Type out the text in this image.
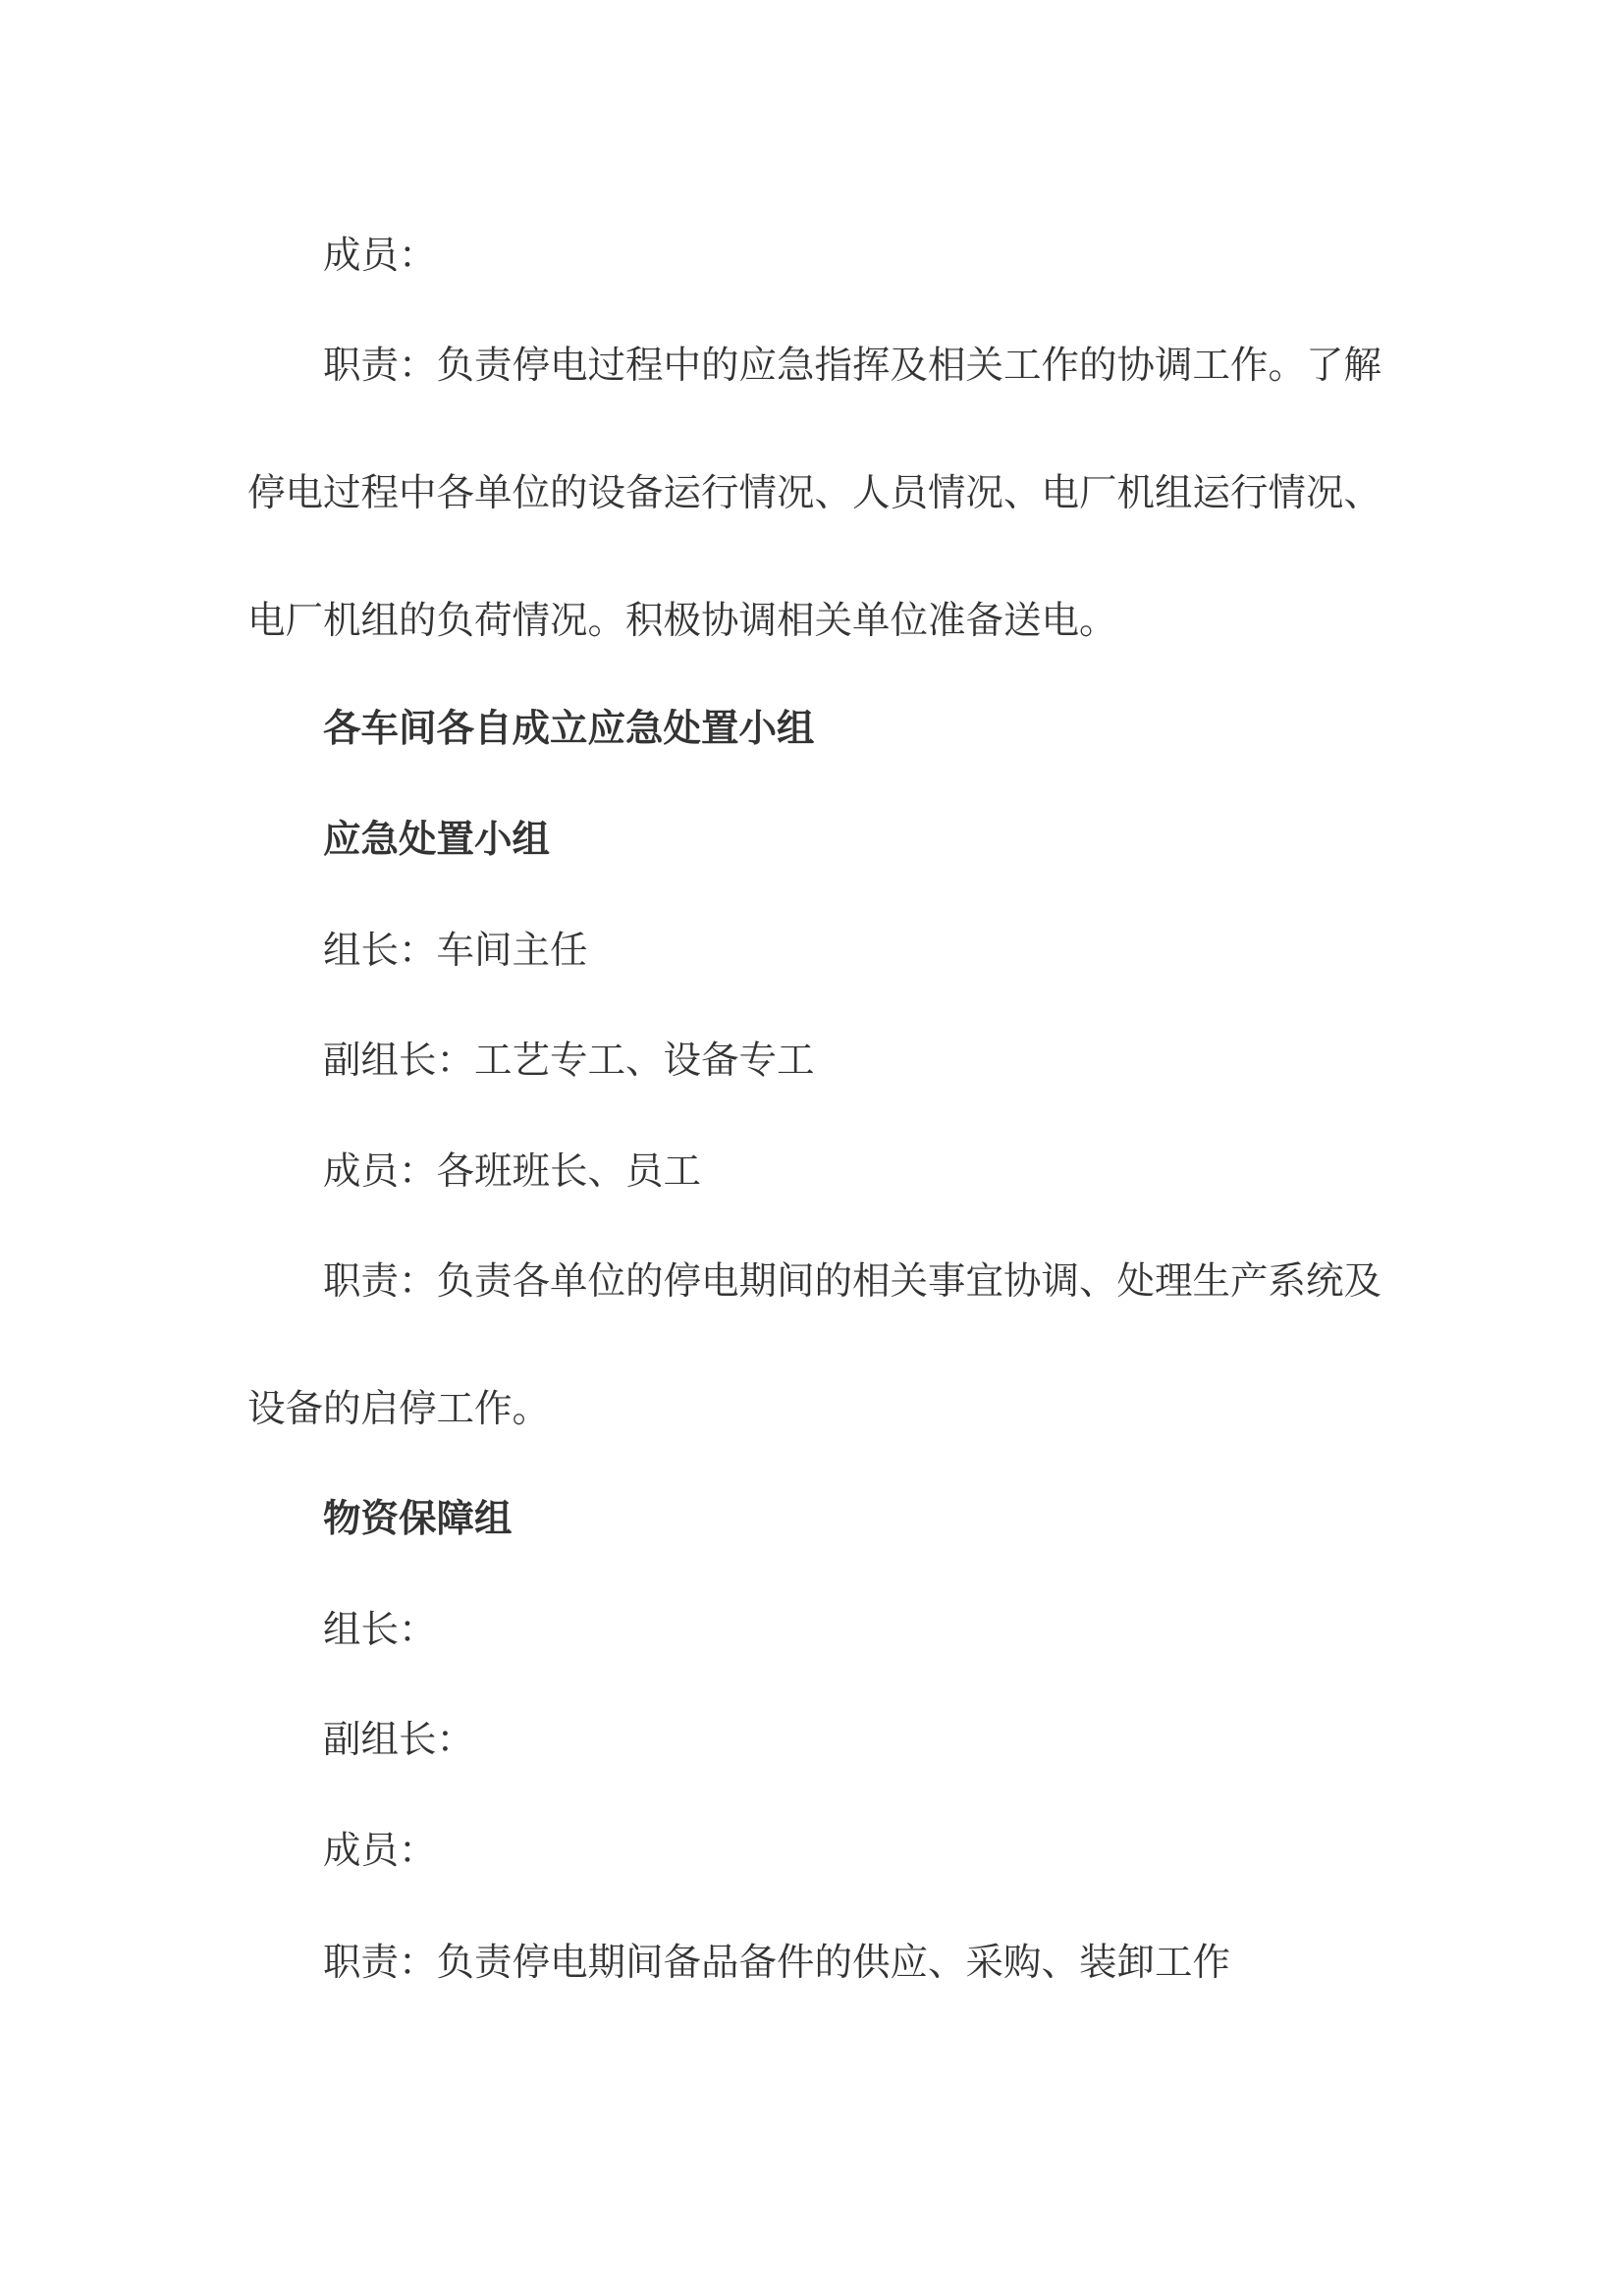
成员：

职责：负责停电过程中的应急指挥及相关工作的协调工作。了解停电过程中各单位的设备运行情况、人员情况、电厂机组运行情况、电厂机组的负荷情况。积极协调相关单位准备送电。

各车间各自成立应急处置小组

应急处置小组

组长：车间主任

副组长：工艺专工、设备专工

成员：各班班长、员工

职责：负责各单位的停电期间的相关事宜协调、处理生产系统及设备的启停工作。

物资保障组

组长：

副组长：

成员：

职责：负责停电期间备品备件的供应、采购、装卸工作
